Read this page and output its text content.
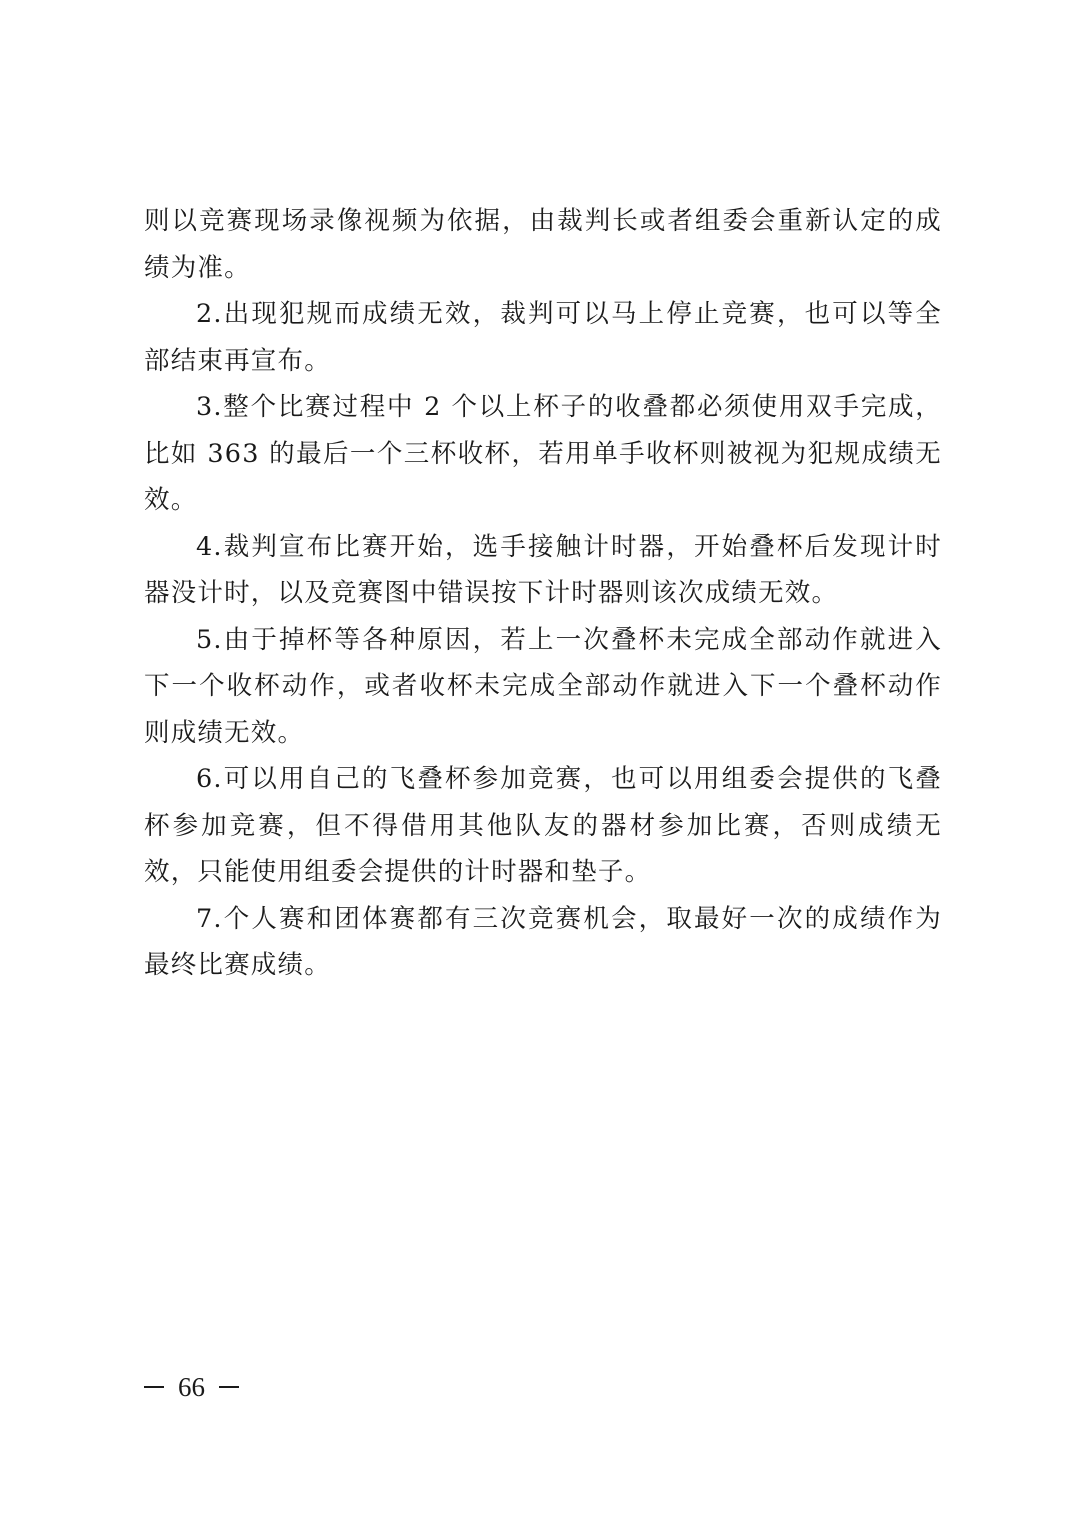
则以竞赛现场录像视频为依据，由裁判长或者组委会重新认定的成绩为准。

2.出现犯规而成绩无效，裁判可以马上停止竞赛，也可以等全部结束再宣布。

3.整个比赛过程中 2 个以上杯子的收叠都必须使用双手完成，比如 363 的最后一个三杯收杯，若用单手收杯则被视为犯规成绩无效。

4.裁判宣布比赛开始，选手接触计时器，开始叠杯后发现计时器没计时，以及竞赛图中错误按下计时器则该次成绩无效。

5.由于掉杯等各种原因，若上一次叠杯未完成全部动作就进入下一个收杯动作，或者收杯未完成全部动作就进入下一个叠杯动作则成绩无效。

6.可以用自己的飞叠杯参加竞赛，也可以用组委会提供的飞叠杯参加竞赛，但不得借用其他队友的器材参加比赛，否则成绩无效，只能使用组委会提供的计时器和垫子。

7.个人赛和团体赛都有三次竞赛机会，取最好一次的成绩作为最终比赛成绩。

66
